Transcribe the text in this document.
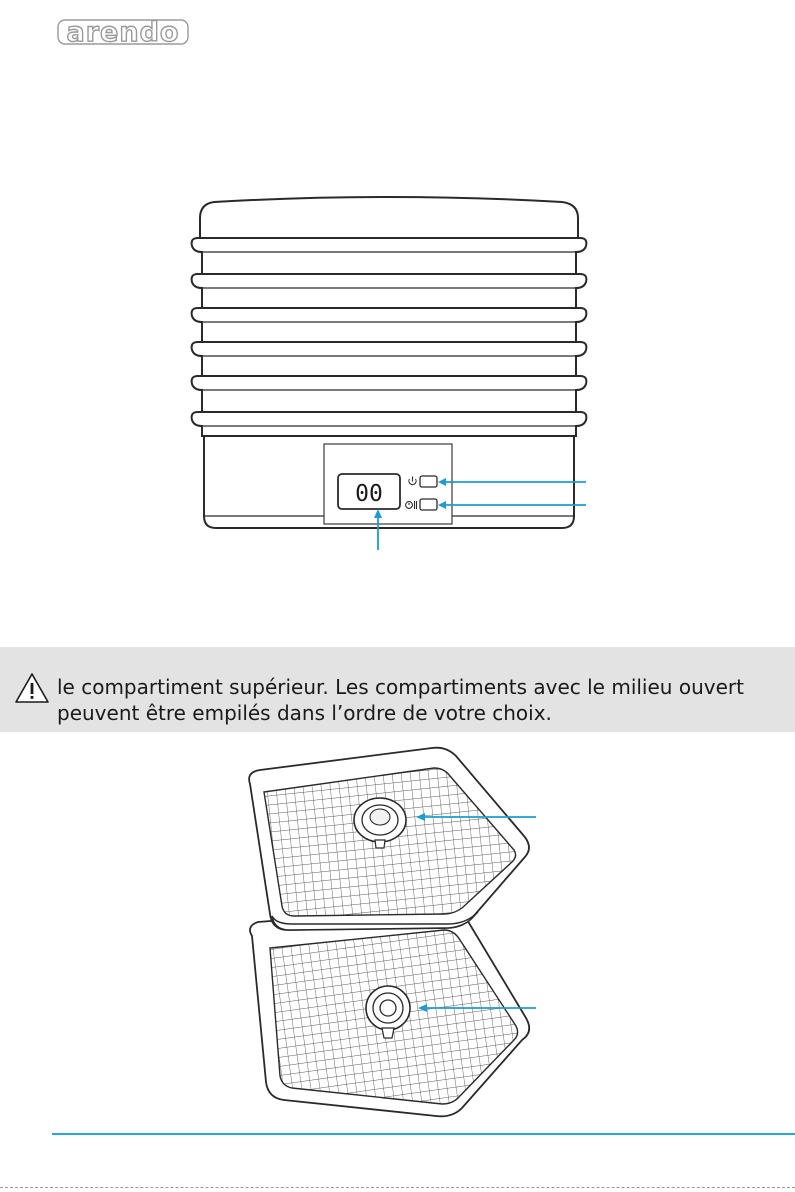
arendo
00

le compartiment supérieur. Les compartiments avec le milieu ouvert
peuvent être empilés dans l’ordre de votre choix.
